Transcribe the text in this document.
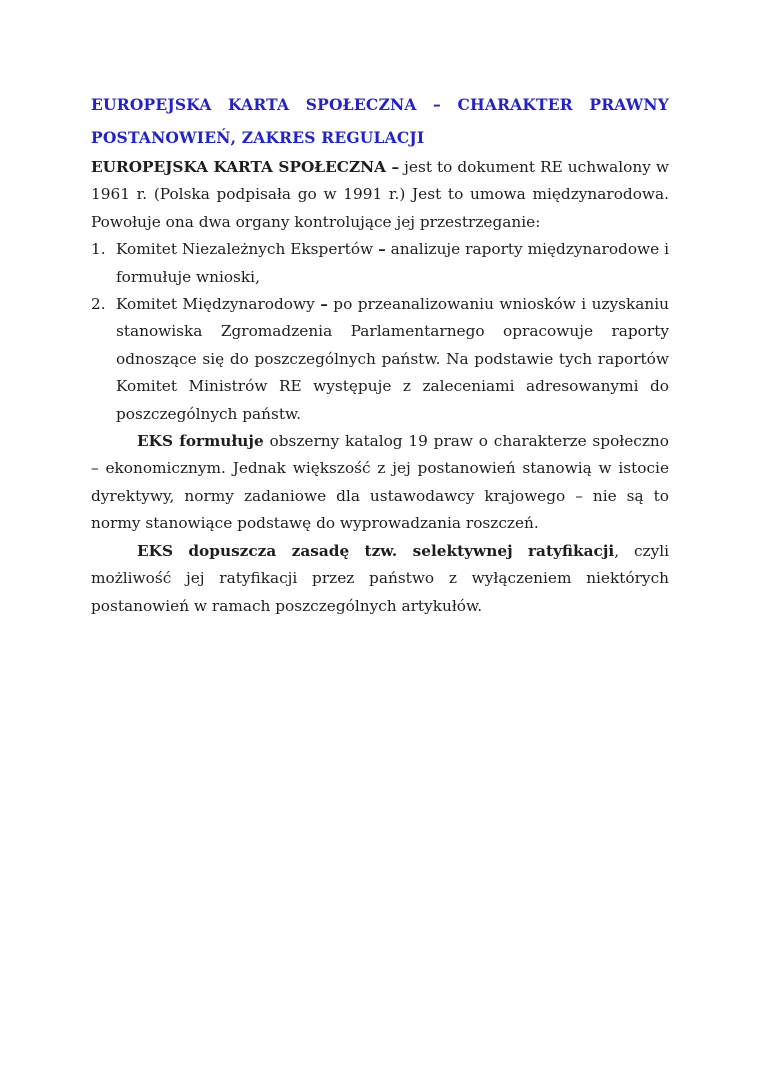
EUROPEJSKA KARTA SPOŁECZNA – CHARAKTER PRAWNY
POSTANOWIEŃ, ZAKRES REGULACJI

EUROPEJSKA KARTA SPOŁECZNA – jest to dokument RE uchwalony w 1961 r. (Polska podpisała go w 1991 r.) Jest to umowa międzynarodowa. Powołuje ona dwa organy kontrolujące jej przestrzeganie:

1. Komitet Niezależnych Ekspertów – analizuje raporty międzynarodowe i formułuje wnioski,
2. Komitet Międzynarodowy – po przeanalizowaniu wniosków i uzyskaniu stanowiska Zgromadzenia Parlamentarnego opracowuje raporty odnoszące się do poszczególnych państw. Na podstawie tych raportów Komitet Ministrów RE występuje z zaleceniami adresowanymi do poszczególnych państw.

EKS formułuje obszerny katalog 19 praw o charakterze społeczno – ekonomicznym. Jednak większość z jej postanowień stanowią w istocie dyrektywy, normy zadaniowe dla ustawodawcy krajowego – nie są to normy stanowiące podstawę do wyprowadzania roszczeń.

EKS dopuszcza zasadę tzw. selektywnej ratyfikacji, czyli możliwość jej ratyfikacji przez państwo z wyłączeniem niektórych postanowień w ramach poszczególnych artykułów.
